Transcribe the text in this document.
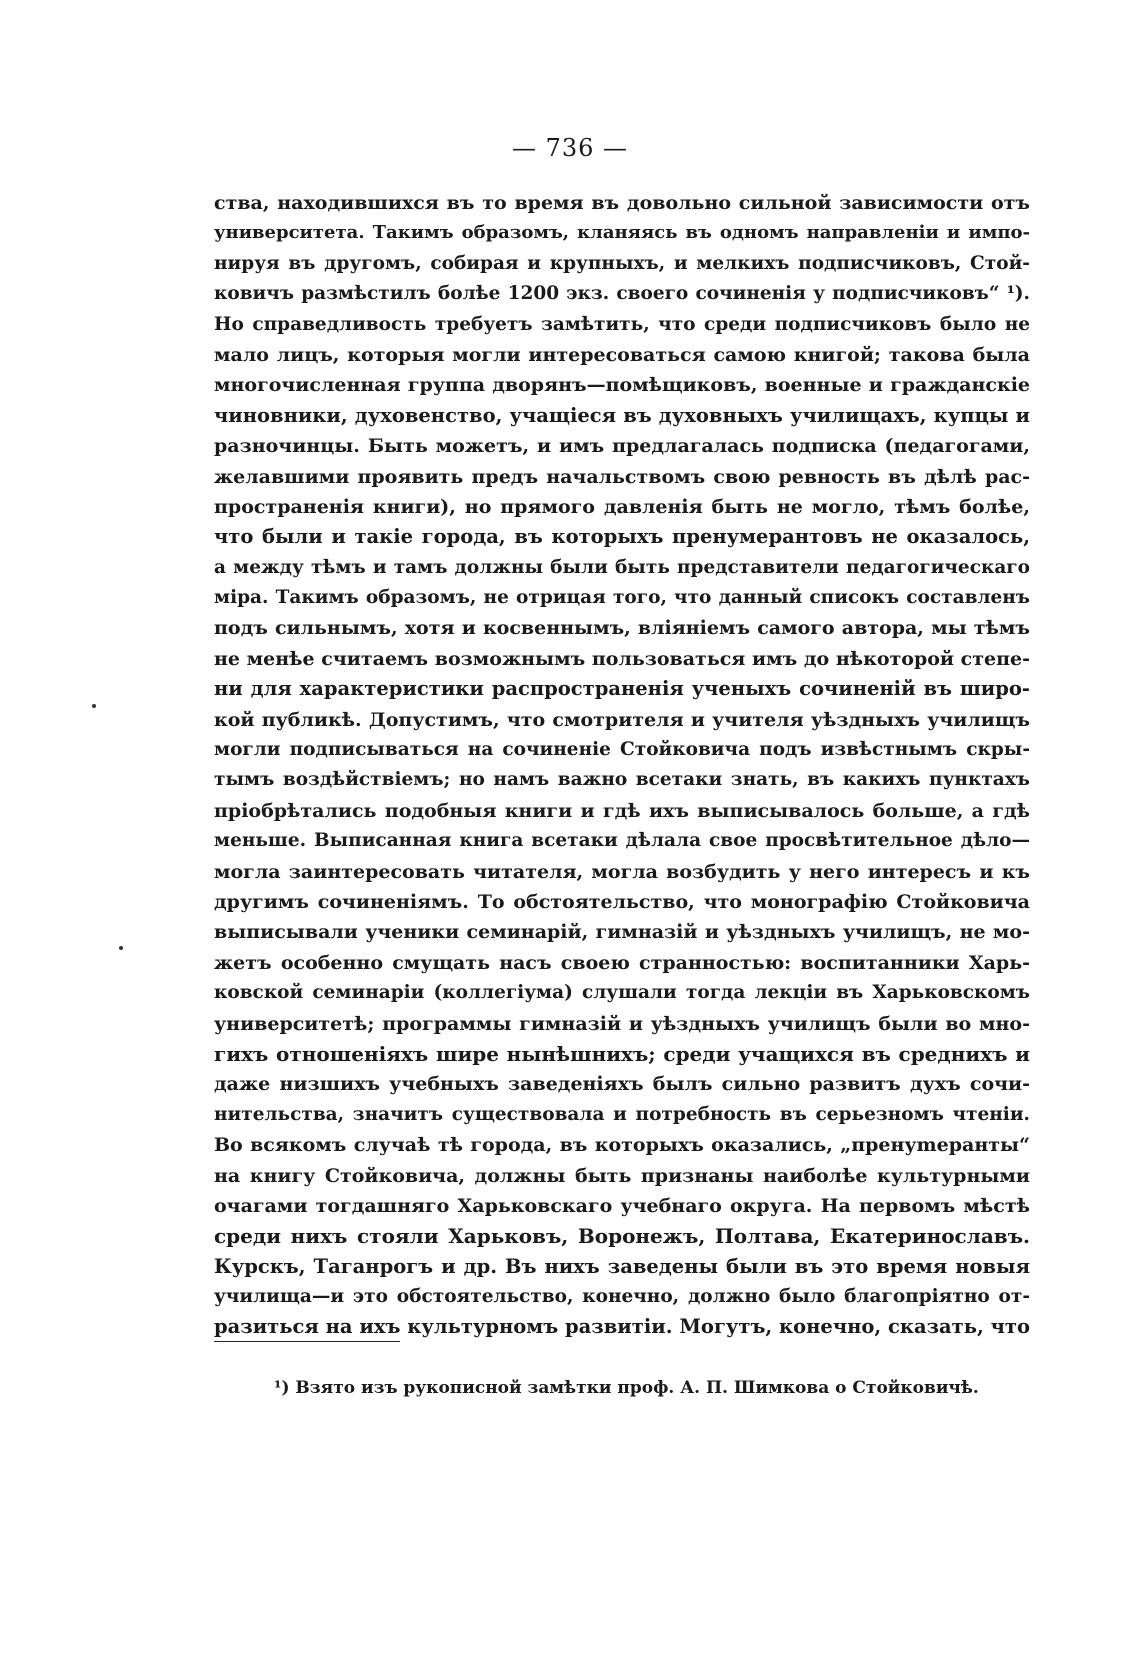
— 736 —
ства, находившихся въ то время въ довольно сильной зависимости отъ
университета. Такимъ образомъ, кланяясь въ одномъ направленіи и импо-
нируя въ другомъ, собирая и крупныхъ, и мелкихъ подписчиковъ, Стой-
ковичъ размѣстилъ болѣе 1200 экз. своего сочиненія у подписчиковъ“ ¹).
Но справедливость требуетъ замѣтить, что среди подписчиковъ было не
мало лицъ, которыя могли интересоваться самою книгой; такова была
многочисленная группа дворянъ—помѣщиковъ, военные и гражданскіе
чиновники, духовенство, учащіеся въ духовныхъ училищахъ, купцы и
разночинцы. Быть можетъ, и имъ предлагалась подписка (педагогами,
желавшими проявить предъ начальствомъ свою ревность въ дѣлѣ рас-
пространенія книги), но прямого давленія быть не могло, тѣмъ болѣе,
что были и такіе города, въ которыхъ пренумерантовъ не оказалось,
а между тѣмъ и тамъ должны были быть представители педагогическаго
міра. Такимъ образомъ, не отрицая того, что данный списокъ составленъ
подъ сильнымъ, хотя и косвеннымъ, вліяніемъ самого автора, мы тѣмъ
не менѣе считаемъ возможнымъ пользоваться имъ до нѣкоторой степе-
ни для характеристики распространенія ученыхъ сочиненій въ широ-
кой публикѣ. Допустимъ, что смотрителя и учителя уѣздныхъ училищъ
могли подписываться на сочиненіе Стойковича подъ извѣстнымъ скры-
тымъ воздѣйствіемъ; но намъ важно всетаки знать, въ какихъ пунктахъ
пріобрѣтались подобныя книги и гдѣ ихъ выписывалось больше, а гдѣ
меньше. Выписанная книга всетаки дѣлала свое просвѣтительное дѣло—
могла заинтересовать читателя, могла возбудить у него интересъ и къ
другимъ сочиненіямъ. То обстоятельство, что монографію Стойковича
выписывали ученики семинарій, гимназій и уѣздныхъ училищъ, не мо-
жетъ особенно смущать насъ своею странностью: воспитанники Харь-
ковской семинаріи (коллегіума) слушали тогда лекціи въ Харьковскомъ
университетѣ; программы гимназій и уѣздныхъ училищъ были во мно-
гихъ отношеніяхъ шире нынѣшнихъ; среди учащихся въ среднихъ и
даже низшихъ учебныхъ заведеніяхъ былъ сильно развитъ духъ сочи-
нительства, значитъ существовала и потребность въ серьезномъ чтеніи.
Во всякомъ случаѣ тѣ города, въ которыхъ оказались, „пренуmeранты“
на книгу Стойковича, должны быть признаны наиболѣе культурными
очагами тогдашняго Харьковскаго учебнаго округа. На первомъ мѣстѣ
среди нихъ стояли Харьковъ, Воронежъ, Полтава, Екатеринославъ.
Курскъ, Таганрогъ и др. Въ нихъ заведены были въ это время новыя
училища—и это обстоятельство, конечно, должно было благопріятно от-
разиться на ихъ культурномъ развитіи. Могутъ, конечно, сказать, что
¹) Взято изъ рукописной замѣтки проф. А. П. Шимкова о Стойковичѣ.
